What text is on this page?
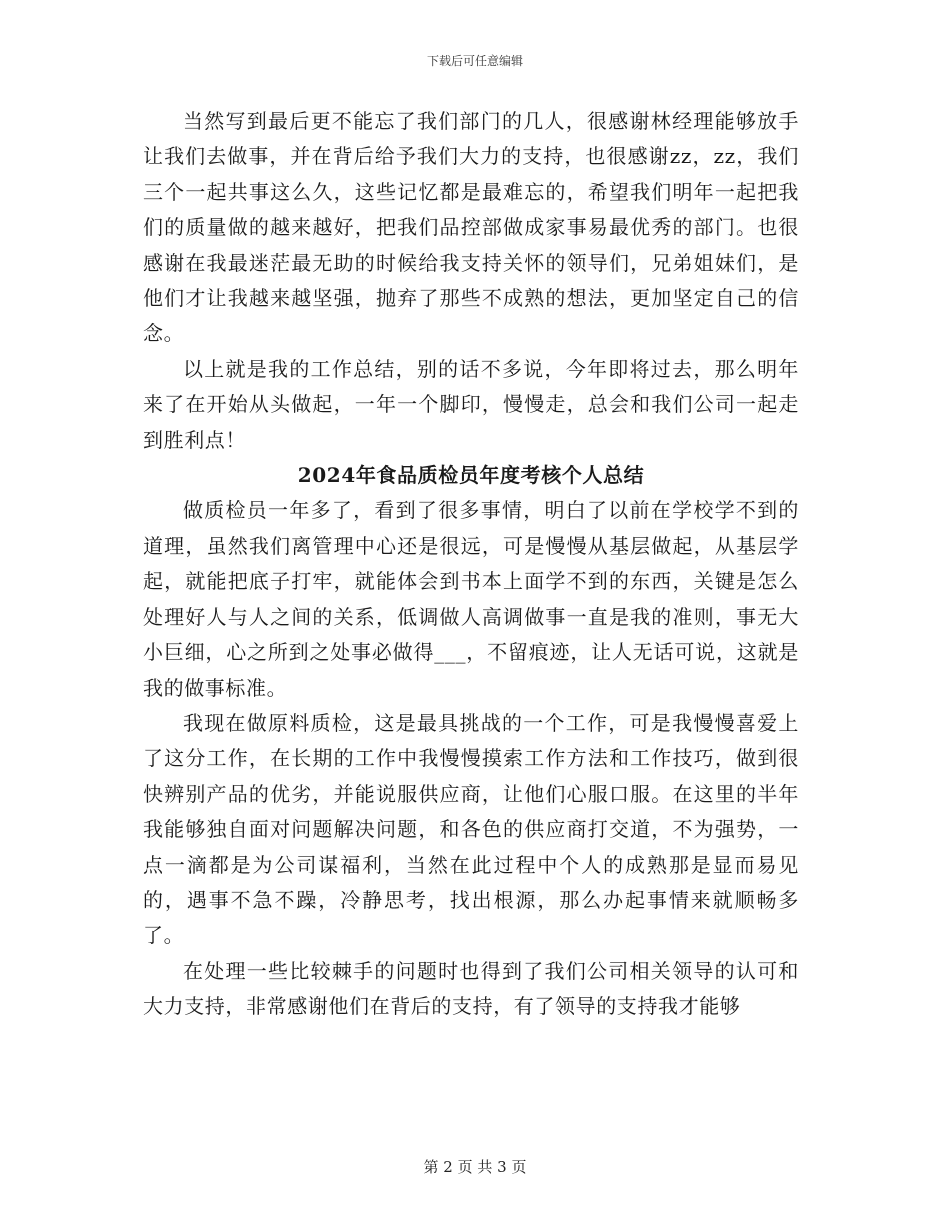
下载后可任意编辑

当然写到最后更不能忘了我们部门的几人，很感谢林经理能够放手让我们去做事，并在背后给予我们大力的支持，也很感谢zz，zz，我们三个一起共事这么久，这些记忆都是最难忘的，希望我们明年一起把我们的质量做的越来越好，把我们品控部做成家事易最优秀的部门。也很感谢在我最迷茫最无助的时候给我支持关怀的领导们，兄弟姐妹们，是他们才让我越来越坚强，抛弃了那些不成熟的想法，更加坚定自己的信念。

以上就是我的工作总结，别的话不多说，今年即将过去，那么明年来了在开始从头做起，一年一个脚印，慢慢走，总会和我们公司一起走到胜利点！

2024年食品质检员年度考核个人总结

做质检员一年多了，看到了很多事情，明白了以前在学校学不到的道理，虽然我们离管理中心还是很远，可是慢慢从基层做起，从基层学起，就能把底子打牢，就能体会到书本上面学不到的东西，关键是怎么处理好人与人之间的关系，低调做人高调做事一直是我的准则，事无大小巨细，心之所到之处事必做得___，不留痕迹，让人无话可说，这就是我的做事标准。

我现在做原料质检，这是最具挑战的一个工作，可是我慢慢喜爱上了这分工作，在长期的工作中我慢慢摸索工作方法和工作技巧，做到很快辨别产品的优劣，并能说服供应商，让他们心服口服。在这里的半年我能够独自面对问题解决问题，和各色的供应商打交道，不为强势，一点一滴都是为公司谋福利，当然在此过程中个人的成熟那是显而易见的，遇事不急不躁，冷静思考，找出根源，那么办起事情来就顺畅多了。

在处理一些比较棘手的问题时也得到了我们公司相关领导的认可和大力支持，非常感谢他们在背后的支持，有了领导的支持我才能够

第 2 页 共 3 页
